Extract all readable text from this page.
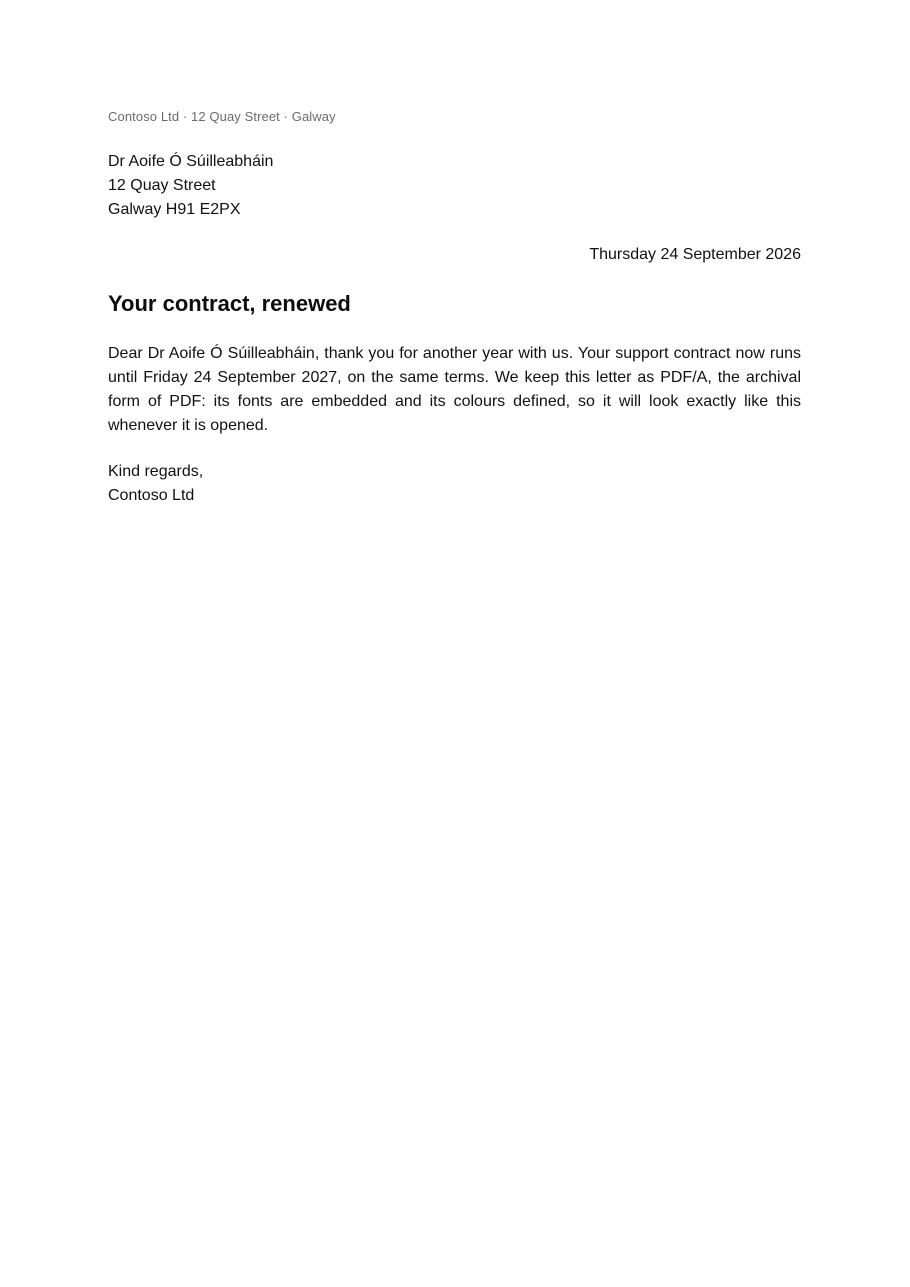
Contoso Ltd · 12 Quay Street · Galway
Dr Aoife Ó Súilleabháin
12 Quay Street
Galway H91 E2PX
Thursday 24 September 2026
Your contract, renewed

Dear Dr Aoife Ó Súilleabháin, thank you for another year with us. Your support contract now runs until Friday 24 September 2027, on the same terms. We keep this letter as PDF/A, the archival form of PDF: its fonts are embedded and its colours defined, so it will look exactly like this whenever it is opened.

Kind regards,
Contoso Ltd
